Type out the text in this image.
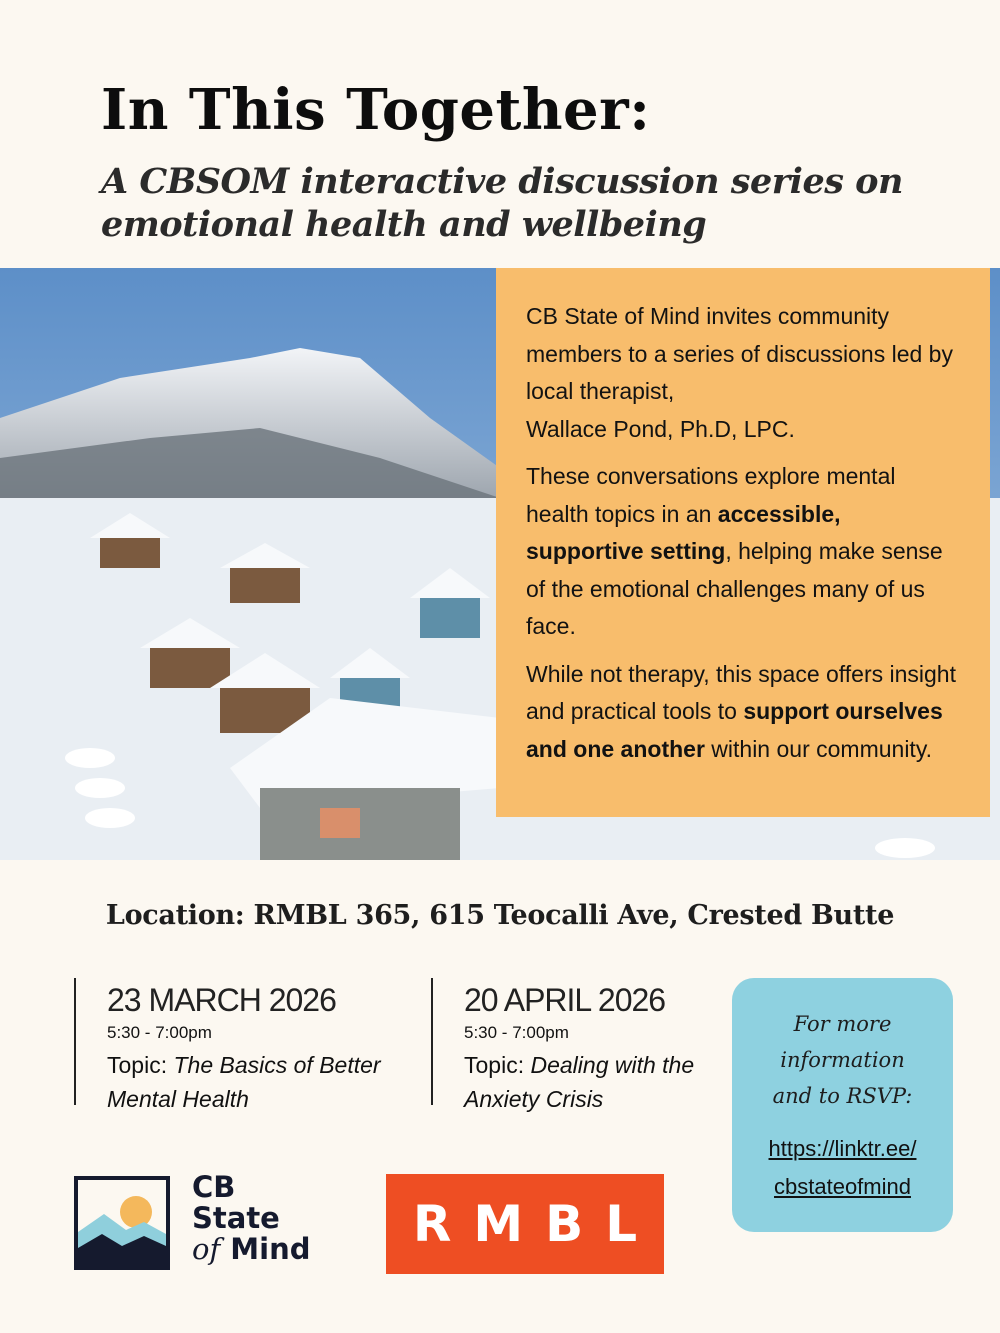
In This Together:
A CBSOM interactive discussion series on emotional health and wellbeing

CB State of Mind invites community members to a series of discussions led by local therapist,
Wallace Pond, Ph.D, LPC.

These conversations explore mental health topics in an accessible, supportive setting, helping make sense of the emotional challenges many of us face.

While not therapy, this space offers insight and practical tools to support ourselves and one another within our community.

Location: RMBL 365, 615 Teocalli Ave, Crested Butte
23 MARCH 2026
5:30 - 7:00pm
Topic: The Basics of Better Mental Health
20 APRIL 2026
5:30 - 7:00pm
Topic: Dealing with the Anxiety Crisis
For more information and to RSVP:
https://linktr.ee/
cbstateofmind
CB
State
of Mind	RMBL
